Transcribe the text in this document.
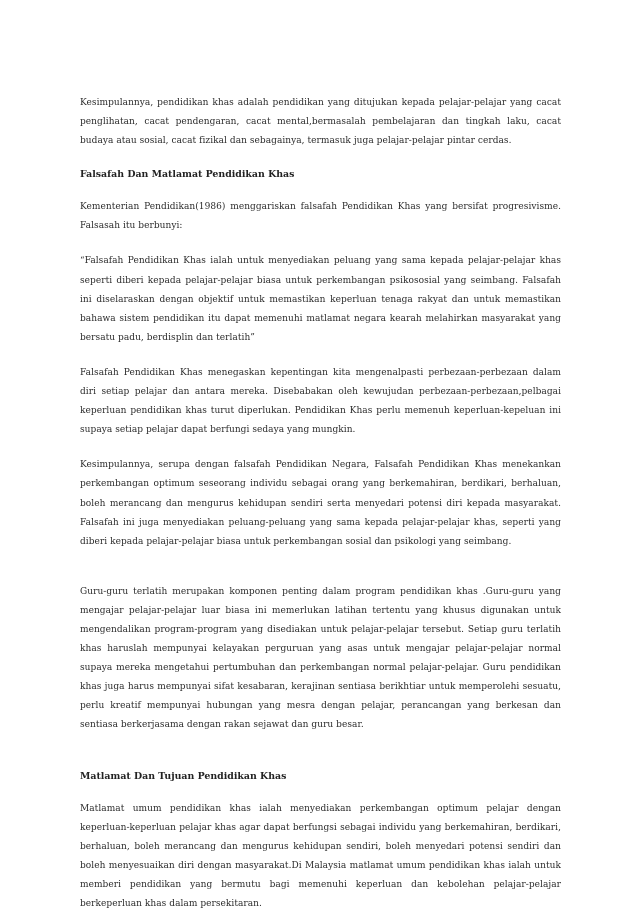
Kesimpulannya, pendidikan khas adalah pendidikan yang ditujukan kepada pelajar-pelajar yang cacat penglihatan, cacat pendengaran, cacat mental,bermasalah pembelajaran dan tingkah laku, cacat budaya atau sosial, cacat fizikal dan sebagainya, termasuk juga pelajar-pelajar pintar cerdas.

Falsafah Dan Matlamat Pendidikan Khas

Kementerian Pendidikan(1986) menggariskan falsafah Pendidikan Khas yang bersifat progresivisme. Falsasah itu berbunyi:

“Falsafah Pendidikan Khas ialah untuk menyediakan peluang yang sama kepada pelajar-pelajar khas seperti diberi kepada pelajar-pelajar biasa untuk perkembangan psikososial yang seimbang. Falsafah ini diselaraskan dengan objektif untuk memastikan keperluan tenaga rakyat dan untuk memastikan bahawa sistem pendidikan itu dapat memenuhi matlamat negara kearah melahirkan masyarakat yang bersatu padu, berdisplin dan terlatih”

Falsafah Pendidikan Khas menegaskan kepentingan kita mengenalpasti perbezaan-perbezaan dalam diri setiap pelajar dan antara mereka. Disebabakan oleh kewujudan perbezaan-perbezaan,pelbagai keperluan pendidikan khas turut diperlukan. Pendidikan Khas perlu memenuh keperluan-kepeluan ini supaya setiap pelajar dapat berfungi sedaya yang mungkin.

Kesimpulannya, serupa dengan falsafah Pendidikan Negara, Falsafah Pendidikan Khas menekankan perkembangan optimum seseorang individu sebagai orang yang berkemahiran, berdikari, berhaluan, boleh merancang dan mengurus kehidupan sendiri serta menyedari potensi diri kepada masyarakat. Falsafah ini juga menyediakan peluang-peluang yang sama kepada pelajar-pelajar khas, seperti yang diberi kepada pelajar-pelajar biasa untuk perkembangan sosial dan psikologi yang seimbang.

Guru-guru terlatih merupakan komponen penting dalam program pendidikan khas .Guru-guru yang mengajar pelajar-pelajar luar biasa ini memerlukan latihan tertentu yang khusus digunakan untuk mengendalikan program-program yang disediakan untuk pelajar-pelajar tersebut. Setiap guru terlatih khas haruslah mempunyai kelayakan perguruan yang asas untuk mengajar pelajar-pelajar normal supaya mereka mengetahui pertumbuhan dan perkembangan normal pelajar-pelajar. Guru pendidikan khas juga harus mempunyai sifat kesabaran, kerajinan sentiasa berikhtiar untuk memperolehi sesuatu, perlu kreatif mempunyai hubungan yang mesra dengan pelajar, perancangan yang berkesan dan sentiasa berkerjasama dengan rakan sejawat dan guru besar.

Matlamat Dan Tujuan Pendidikan Khas

Matlamat umum pendidikan khas ialah menyediakan perkembangan optimum pelajar dengan keperluan-keperluan pelajar khas agar dapat berfungsi sebagai individu yang berkemahiran, berdikari, berhaluan, boleh merancang dan mengurus kehidupan sendiri, boleh menyedari potensi sendiri dan boleh menyesuaikan diri dengan masyarakat.Di Malaysia matlamat umum pendidikan khas ialah untuk memberi pendidikan yang bermutu bagi memenuhi keperluan dan kebolehan pelajar-pelajar berkeperluan khas dalam persekitaran.
